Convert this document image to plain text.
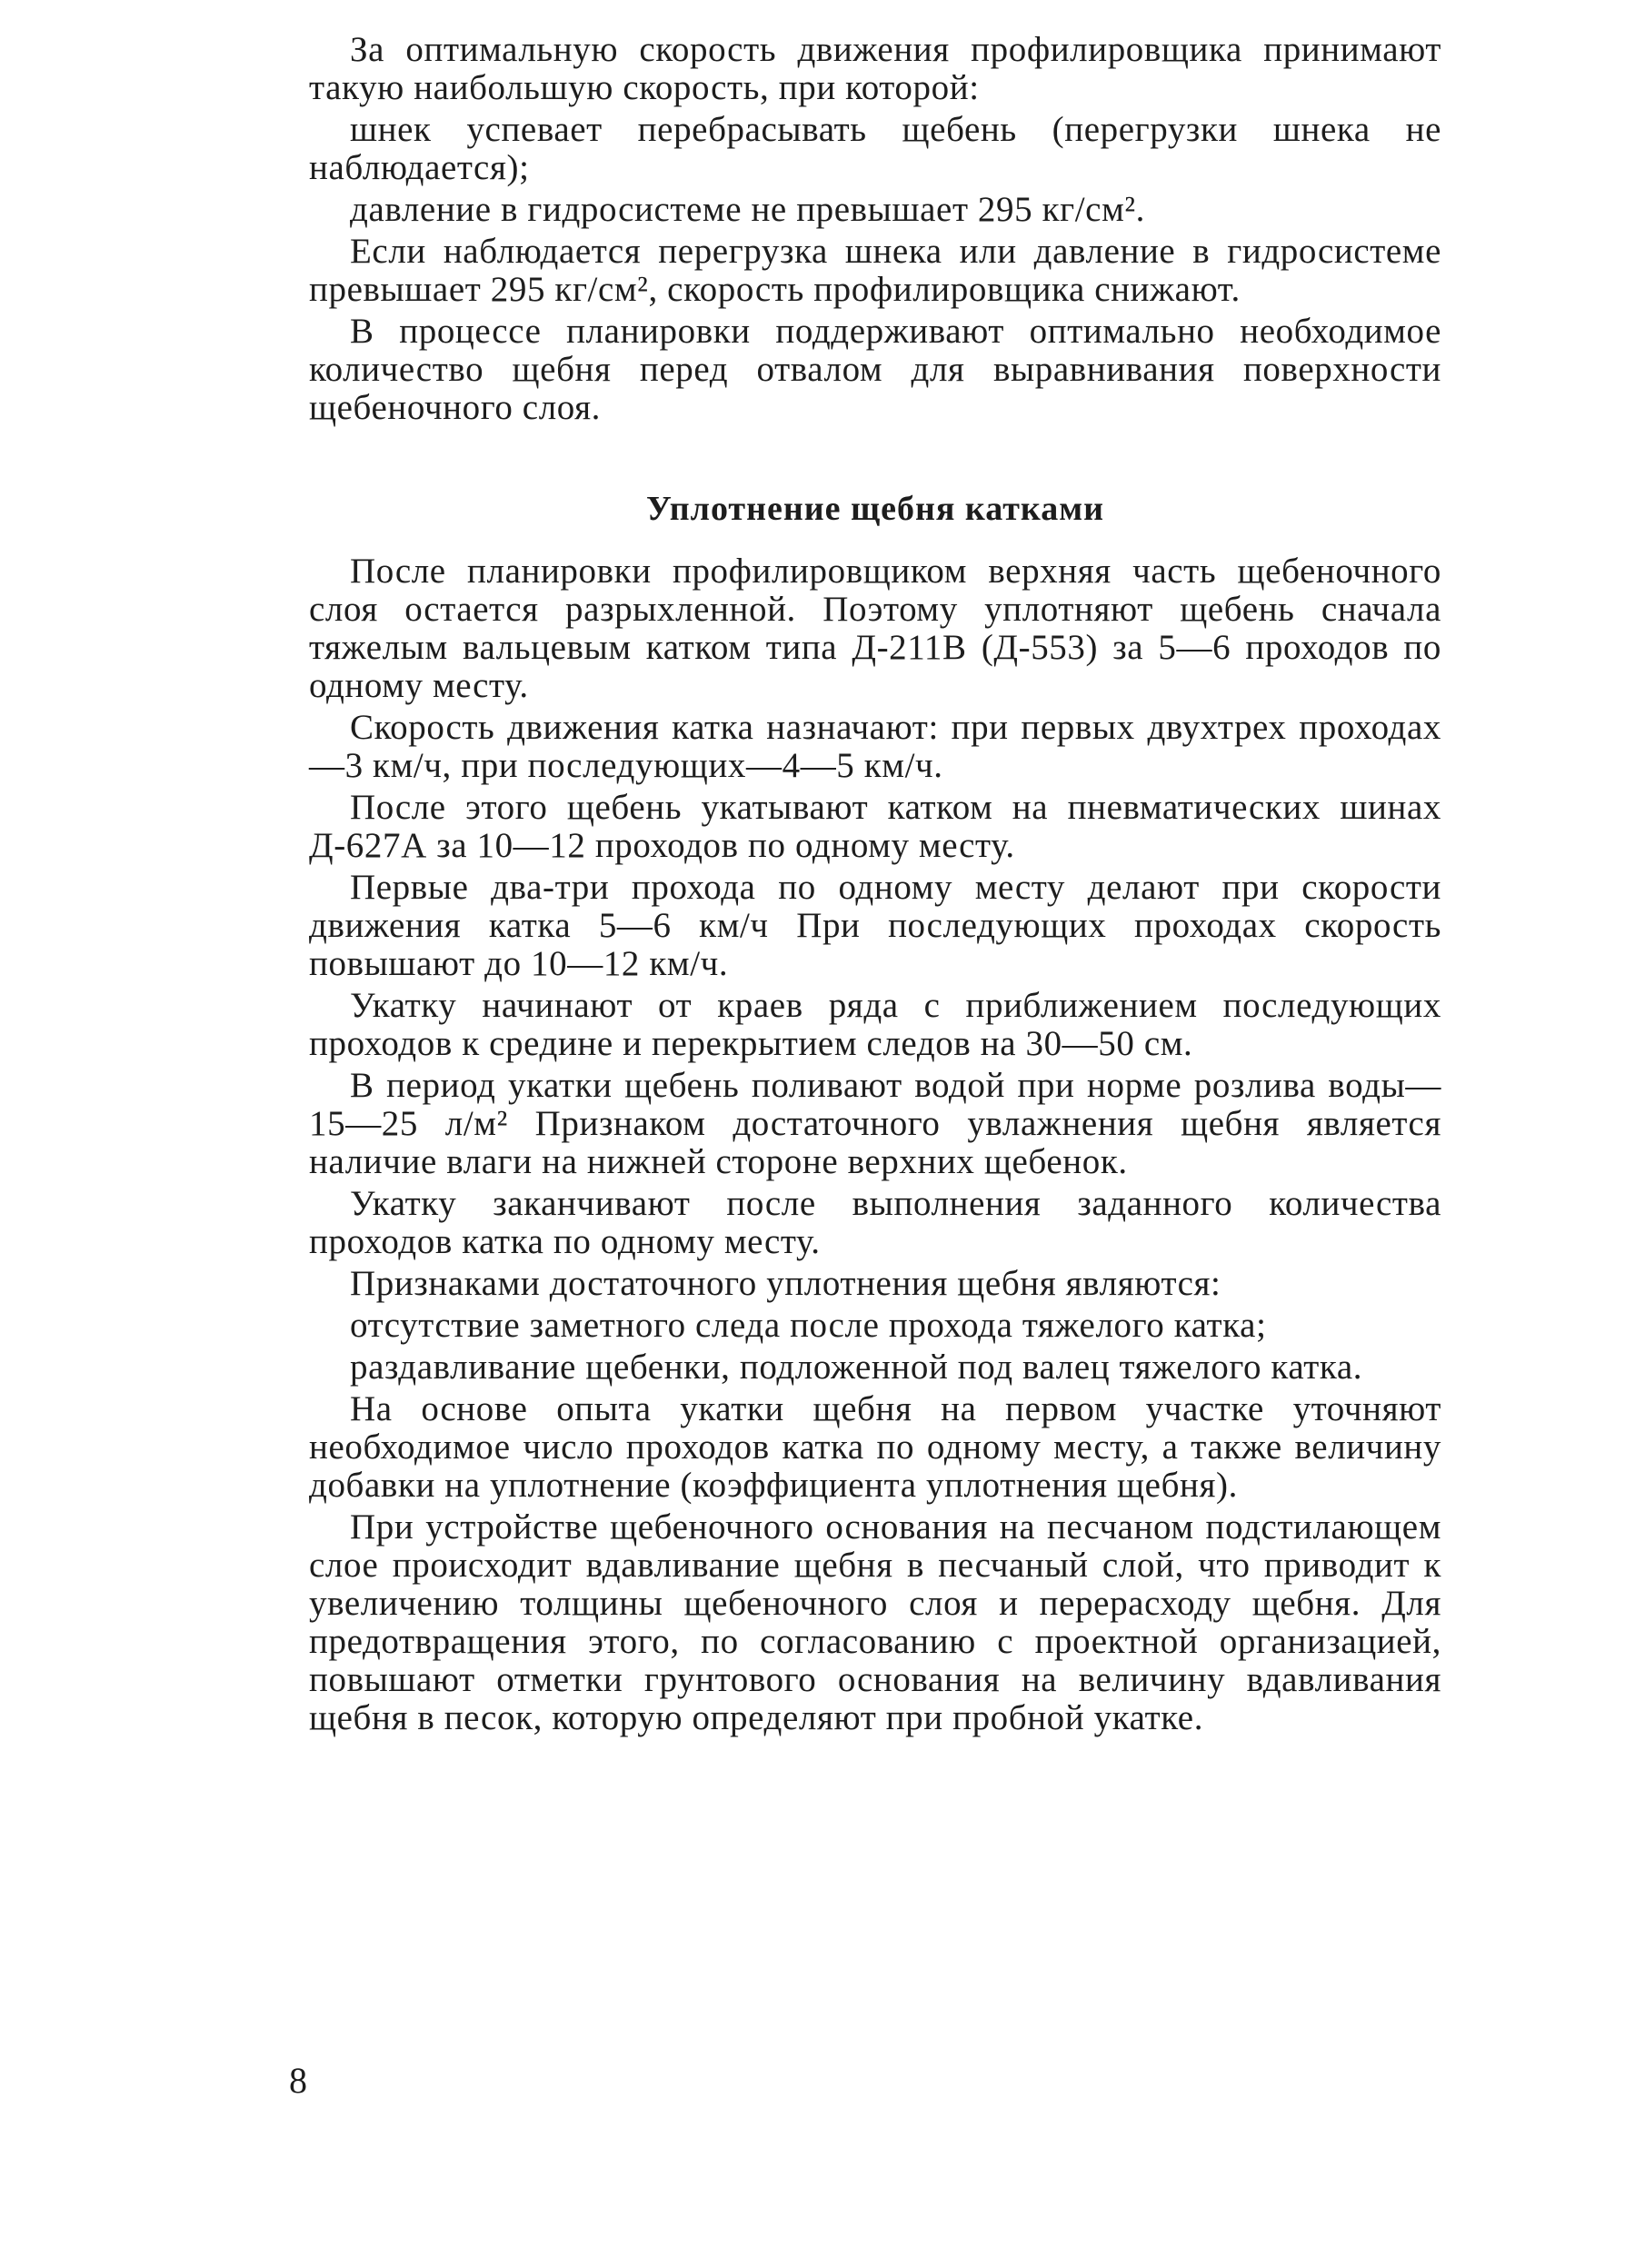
За оптимальную скорость движения профилировщика принимают такую наибольшую скорость, при которой:

шнек успевает перебрасывать щебень (перегрузки шнека не наблюдается);

давление в гидросистеме не превышает 295 кг/см².

Если наблюдается перегрузка шнека или давление в гидросистеме превышает 295 кг/см², скорость профилировщика снижают.

В процессе планировки поддерживают оптимально необходимое количество щебня перед отвалом для выравнивания поверхности щебеночного слоя.

Уплотнение щебня катками

После планировки профилировщиком верхняя часть щебеночного слоя остается разрыхленной. Поэтому уплотняют щебень сначала тяжелым вальцевым катком типа Д-211В (Д-553) за 5—6 проходов по одному месту.

Скорость движения катка назначают: при первых двухтрех проходах—3 км/ч, при последующих—4—5 км/ч.

После этого щебень укатывают катком на пневматических шинах Д-627А за 10—12 проходов по одному месту.

Первые два-три прохода по одному месту делают при скорости движения катка 5—6 км/ч При последующих проходах скорость повышают до 10—12 км/ч.

Укатку начинают от краев ряда с приближением последующих проходов к средине и перекрытием следов на 30—50 см.

В период укатки щебень поливают водой при норме розлива воды—15—25 л/м² Признаком достаточного увлажнения щебня является наличие влаги на нижней стороне верхних щебенок.

Укатку заканчивают после выполнения заданного количества проходов катка по одному месту.

Признаками достаточного уплотнения щебня являются:

отсутствие заметного следа после прохода тяжелого катка;

раздавливание щебенки, подложенной под валец тяжелого катка.

На основе опыта укатки щебня на первом участке уточняют необходимое число проходов катка по одному месту, а также величину добавки на уплотнение (коэффициента уплотнения щебня).

При устройстве щебеночного основания на песчаном подстилающем слое происходит вдавливание щебня в песчаный слой, что приводит к увеличению толщины щебеночного слоя и перерасходу щебня. Для предотвращения этого, по согласованию с проектной организацией, повышают отметки грунтового основания на величину вдавливания щебня в песок, которую определяют при пробной укатке.

8
